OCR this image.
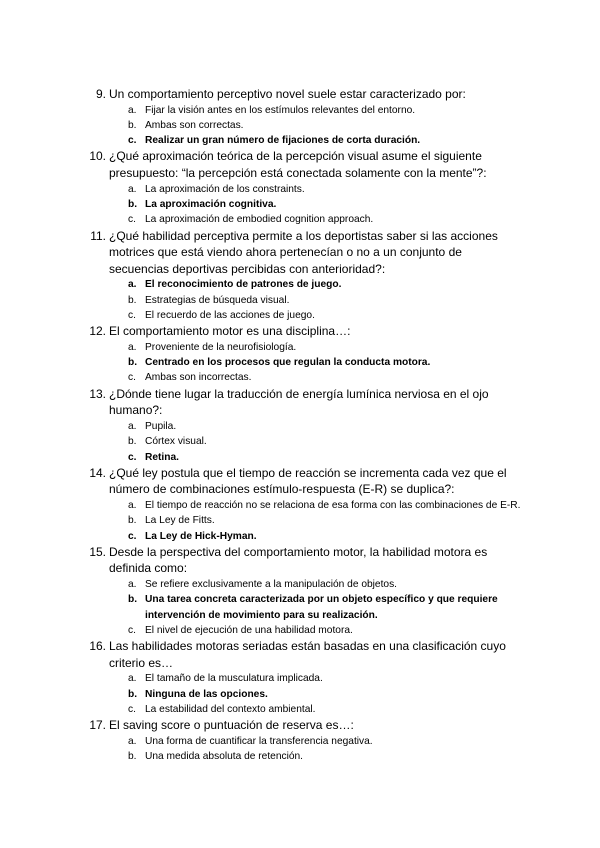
9. Un comportamiento perceptivo novel suele estar caracterizado por:
a. Fijar la visión antes en los estímulos relevantes del entorno.
b. Ambas son correctas.
c. Realizar un gran número de fijaciones de corta duración.
10. ¿Qué aproximación teórica de la percepción visual asume el siguiente presupuesto: “la percepción está conectada solamente con la mente”?:
a. La aproximación de los constraints.
b. La aproximación cognitiva.
c. La aproximación de embodied cognition approach.
11. ¿Qué habilidad perceptiva permite a los deportistas saber si las acciones motrices que está viendo ahora pertenecían o no a un conjunto de secuencias deportivas percibidas con anterioridad?:
a. El reconocimiento de patrones de juego.
b. Estrategias de búsqueda visual.
c. El recuerdo de las acciones de juego.
12. El comportamiento motor es una disciplina…:
a. Proveniente de la neurofisiología.
b. Centrado en los procesos que regulan la conducta motora.
c. Ambas son incorrectas.
13. ¿Dónde tiene lugar la traducción de energía lumínica nerviosa en el ojo humano?:
a. Pupila.
b. Córtex visual.
c. Retina.
14. ¿Qué ley postula que el tiempo de reacción se incrementa cada vez que el número de combinaciones estímulo-respuesta (E-R) se duplica?:
a. El tiempo de reacción no se relaciona de esa forma con las combinaciones de E-R.
b. La Ley de Fitts.
c. La Ley de Hick-Hyman.
15. Desde la perspectiva del comportamiento motor, la habilidad motora es definida como:
a. Se refiere exclusivamente a la manipulación de objetos.
b. Una tarea concreta caracterizada por un objeto específico y que requiere intervención de movimiento para su realización.
c. El nivel de ejecución de una habilidad motora.
16. Las habilidades motoras seriadas están basadas en una clasificación cuyo criterio es…
a. El tamaño de la musculatura implicada.
b. Ninguna de las opciones.
c. La estabilidad del contexto ambiental.
17. El saving score o puntuación de reserva es…:
a. Una forma de cuantificar la transferencia negativa.
b. Una medida absoluta de retención.
